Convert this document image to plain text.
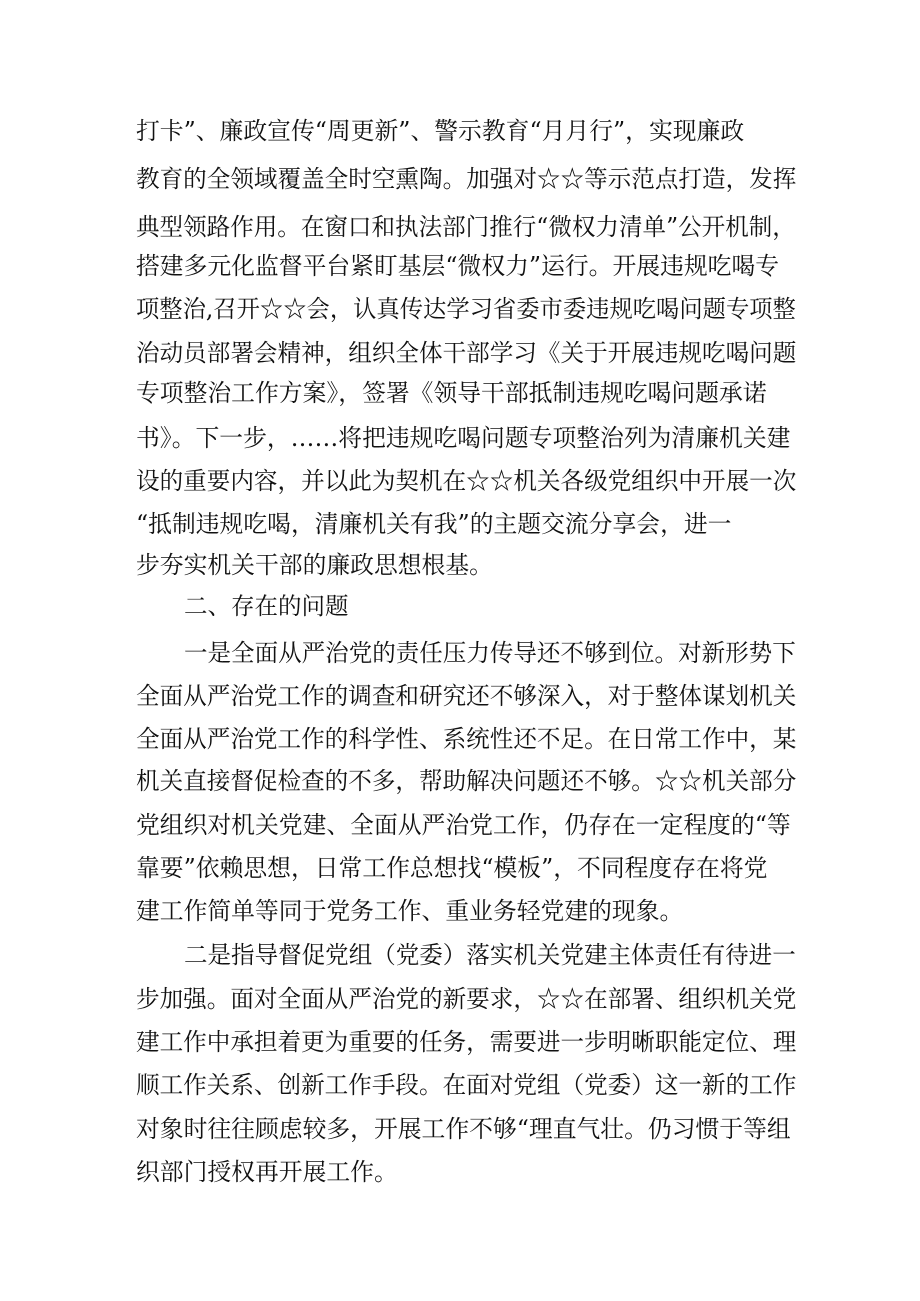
打卡”、廉政宣传“周更新”、警示教育“月月行”，实现廉政
教育的全领域覆盖全时空熏陶。加强对☆☆等示范点打造，发挥
典型领路作用。在窗口和执法部门推行“微权力清单”公开机制，
搭建多元化监督平台紧盯基层“微权力”运行。开展违规吃喝专
项整治,召开☆☆会，认真传达学习省委市委违规吃喝问题专项整
治动员部署会精神，组织全体干部学习《关于开展违规吃喝问题
专项整治工作方案》，签署《领导干部抵制违规吃喝问题承诺
书》。下一步，……将把违规吃喝问题专项整治列为清廉机关建
设的重要内容，并以此为契机在☆☆机关各级党组织中开展一次
“抵制违规吃喝，清廉机关有我”的主题交流分享会，进一
步夯实机关干部的廉政思想根基。
二、存在的问题
一是全面从严治党的责任压力传导还不够到位。对新形势下
全面从严治党工作的调查和研究还不够深入，对于整体谋划机关
全面从严治党工作的科学性、系统性还不足。在日常工作中，某
机关直接督促检查的不多，帮助解决问题还不够。☆☆机关部分
党组织对机关党建、全面从严治党工作，仍存在一定程度的“等
靠要”依赖思想，日常工作总想找“模板”，不同程度存在将党
建工作简单等同于党务工作、重业务轻党建的现象。
二是指导督促党组（党委）落实机关党建主体责任有待进一
步加强。面对全面从严治党的新要求，☆☆在部署、组织机关党
建工作中承担着更为重要的任务，需要进一步明晰职能定位、理
顺工作关系、创新工作手段。在面对党组（党委）这一新的工作
对象时往往顾虑较多，开展工作不够“理直气壮。仍习惯于等组
织部门授权再开展工作。
